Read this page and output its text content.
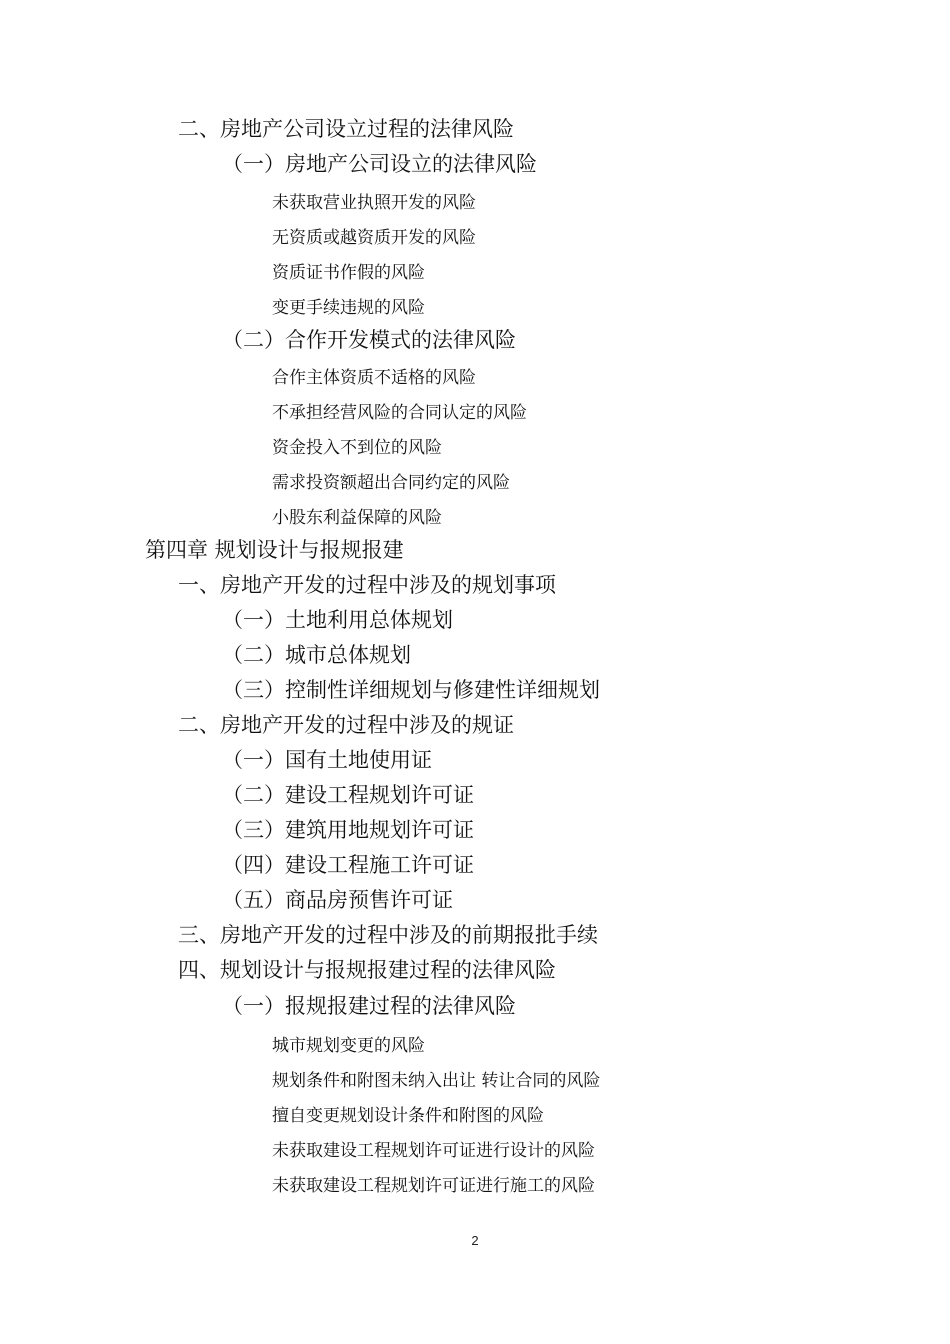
二、房地产公司设立过程的法律风险
（一）房地产公司设立的法律风险
未获取营业执照开发的风险
无资质或越资质开发的风险
资质证书作假的风险
变更手续违规的风险
（二）合作开发模式的法律风险
合作主体资质不适格的风险
不承担经营风险的合同认定的风险
资金投入不到位的风险
需求投资额超出合同约定的风险
小股东利益保障的风险
第四章 规划设计与报规报建
一、房地产开发的过程中涉及的规划事项
（一）土地利用总体规划
（二）城市总体规划
（三）控制性详细规划与修建性详细规划
二、房地产开发的过程中涉及的规证
（一）国有土地使用证
（二）建设工程规划许可证
（三）建筑用地规划许可证
（四）建设工程施工许可证
（五）商品房预售许可证
三、房地产开发的过程中涉及的前期报批手续
四、规划设计与报规报建过程的法律风险
（一）报规报建过程的法律风险
城市规划变更的风险
规划条件和附图未纳入出让 转让合同的风险
擅自变更规划设计条件和附图的风险
未获取建设工程规划许可证进行设计的风险
未获取建设工程规划许可证进行施工的风险
2
